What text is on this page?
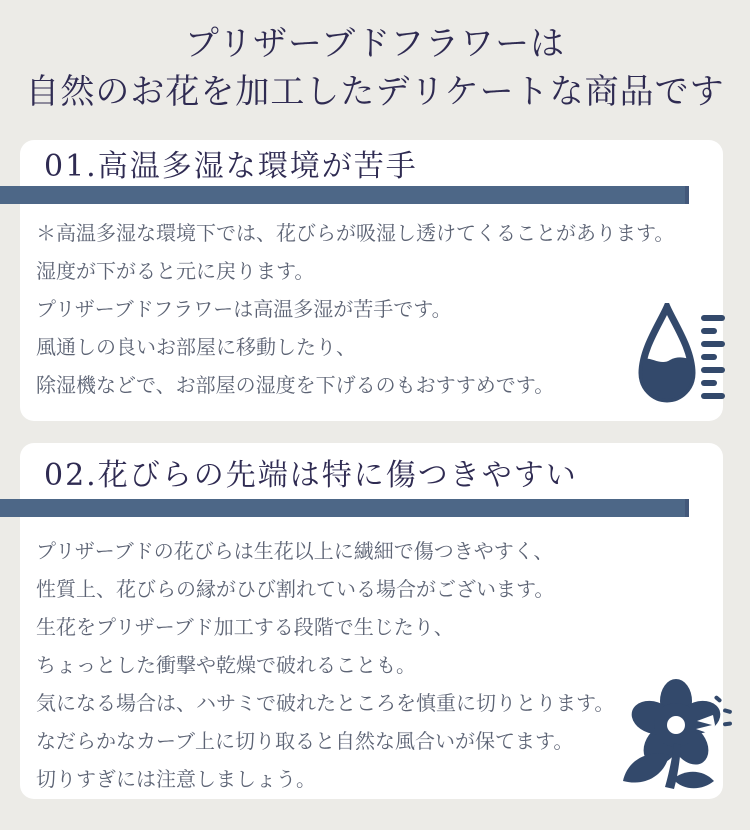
プリザーブドフラワーは
自然のお花を加工したデリケートな商品です
01.高温多湿な環境が苦手

＊高温多湿な環境下では、花びらが吸湿し透けてくることがあります。

湿度が下がると元に戻ります。

プリザーブドフラワーは高温多湿が苦手です。

風通しの良いお部屋に移動したり、

除湿機などで、お部屋の湿度を下げるのもおすすめです。

02.花びらの先端は特に傷つきやすい

プリザーブドの花びらは生花以上に繊細で傷つきやすく、

性質上、花びらの縁がひび割れている場合がございます。

生花をプリザーブド加工する段階で生じたり、

ちょっとした衝撃や乾燥で破れることも。

気になる場合は、ハサミで破れたところを慎重に切りとります。

なだらかなカーブ上に切り取ると自然な風合いが保てます。

切りすぎには注意しましょう。
